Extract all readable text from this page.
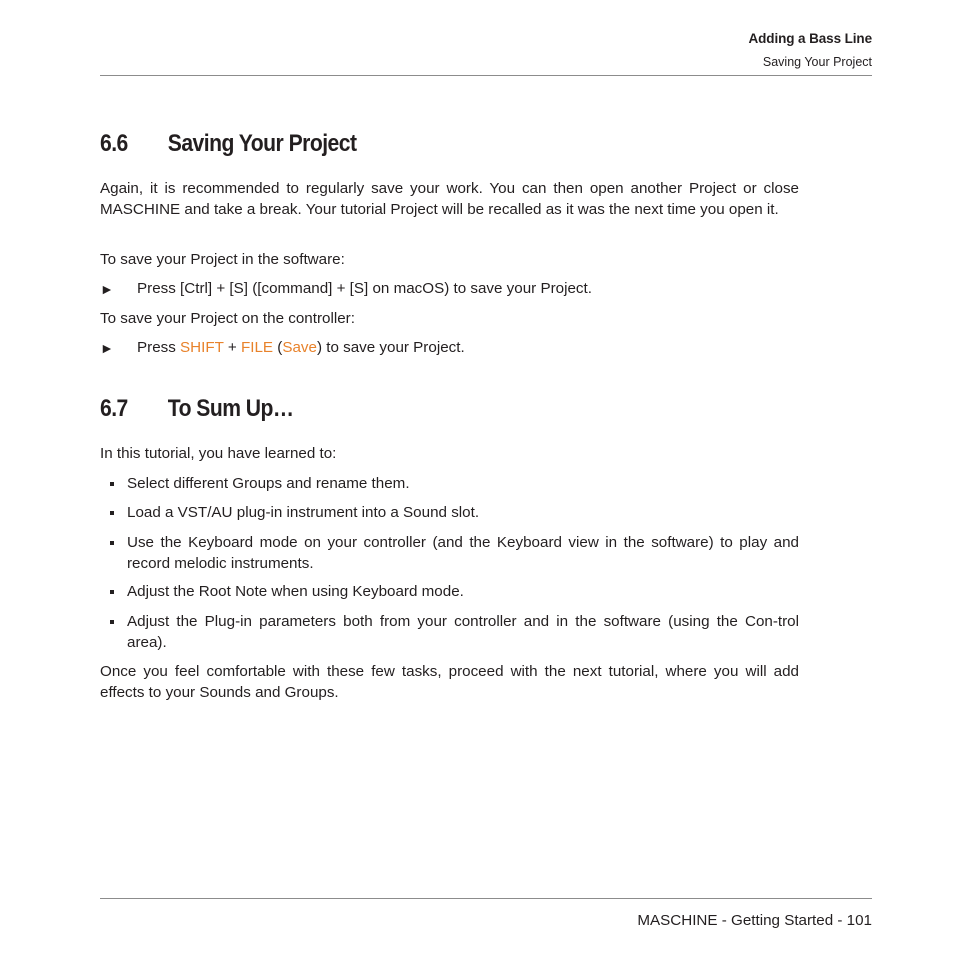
Adding a Bass Line
Saving Your Project
6.6 Saving Your Project

Again, it is recommended to regularly save your work. You can then open another Project or close MASCHINE and take a break. Your tutorial Project will be recalled as it was the next time you open it.

To save your Project in the software:

► Press [Ctrl] + [S] ([command] + [S] on macOS) to save your Project.

To save your Project on the controller:

► Press SHIFT + FILE (Save) to save your Project.
6.7 To Sum Up…

In this tutorial, you have learned to:

Select different Groups and rename them.
Load a VST/AU plug-in instrument into a Sound slot.
Use the Keyboard mode on your controller (and the Keyboard view in the software) to play and record melodic instruments.
Adjust the Root Note when using Keyboard mode.
Adjust the Plug-in parameters both from your controller and in the software (using the Con-trol area).

Once you feel comfortable with these few tasks, proceed with the next tutorial, where you will add effects to your Sounds and Groups.

MASCHINE - Getting Started - 101
